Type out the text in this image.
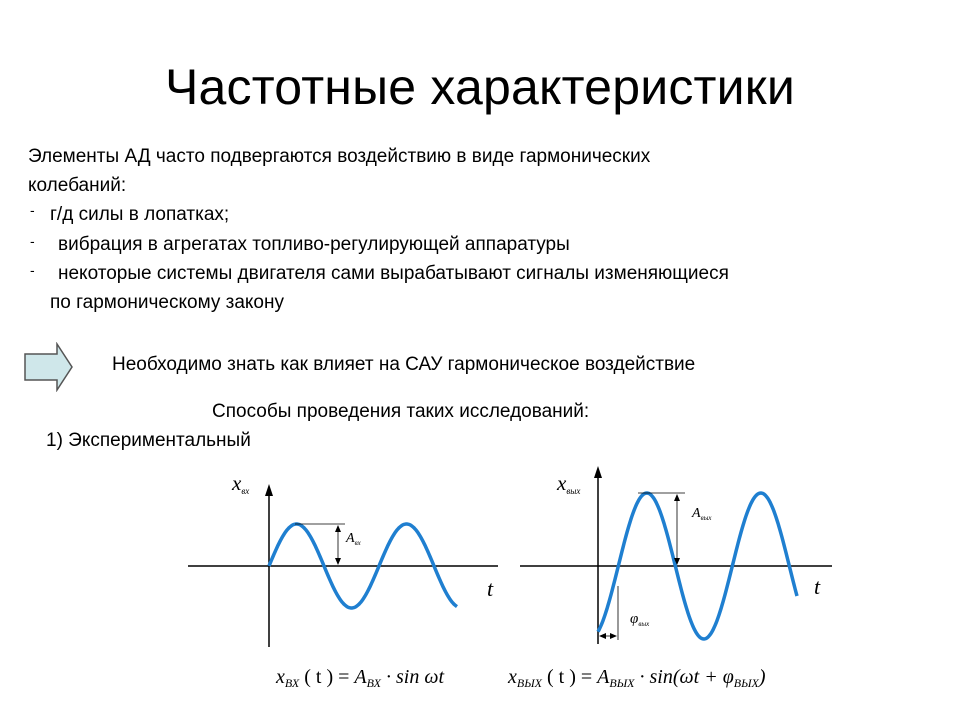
Частотные характеристики
Элементы АД часто подвергаются воздействию в виде гармонических
колебаний:
- г/д силы в лопатках;
- вибрация в агрегатах топливо-регулирующей аппаратуры
- некоторые системы двигателя сами вырабатывают сигналы изменяющиеся
по гармоническому закону
Необходимо знать как влияет на САУ гармоническое воздействие
Способы проведения таких исследований:
1) Экспериментальный
$A_{вх}$
xвх
t
$A_{вых}$
$\varphi_{вых}$
xвых
t
$x_{ВХ}$ ( t ) = $A_{ВХ} \cdot \sin \omega t$	$x_{ВЫХ}$ ( t ) = $A_{ВЫХ} \cdot \sin(\omega t + \varphi_{ВЫХ})$
